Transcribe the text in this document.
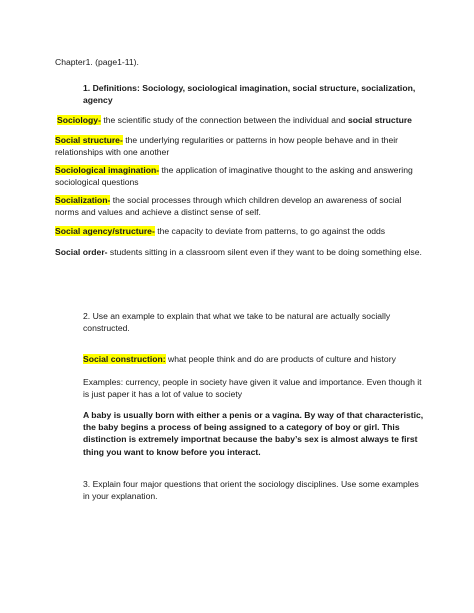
Chapter1. (page1-11).
1. Definitions: Sociology, sociological imagination, social structure, socialization, agency
Sociology- the scientific study of the connection between the individual and social structure
Social structure- the underlying regularities or patterns in how people behave and in their relationships with one another
Sociological imagination- the application of imaginative thought to the asking and answering sociological questions
Socialization- the social processes through which children develop an awareness of social norms and values and achieve a distinct sense of self.
Social agency/structure- the capacity to deviate from patterns, to go against the odds
Social order- students sitting in a classroom silent even if they want to be doing something else.
2. Use an example to explain that what we take to be natural are actually socially constructed.
Social construction: what people think and do are products of culture and history
Examples: currency, people in society have given it value and importance. Even though it is just paper it has a lot of value to society
A baby is usually born with either a penis or a vagina. By way of that characteristic, the baby begins a process of being assigned to a category of boy or girl. This distinction is extremely importnat because the baby’s sex is almost always te first thing you want to know before you interact.
3. Explain four major questions that orient the sociology disciplines. Use some examples in your explanation.
